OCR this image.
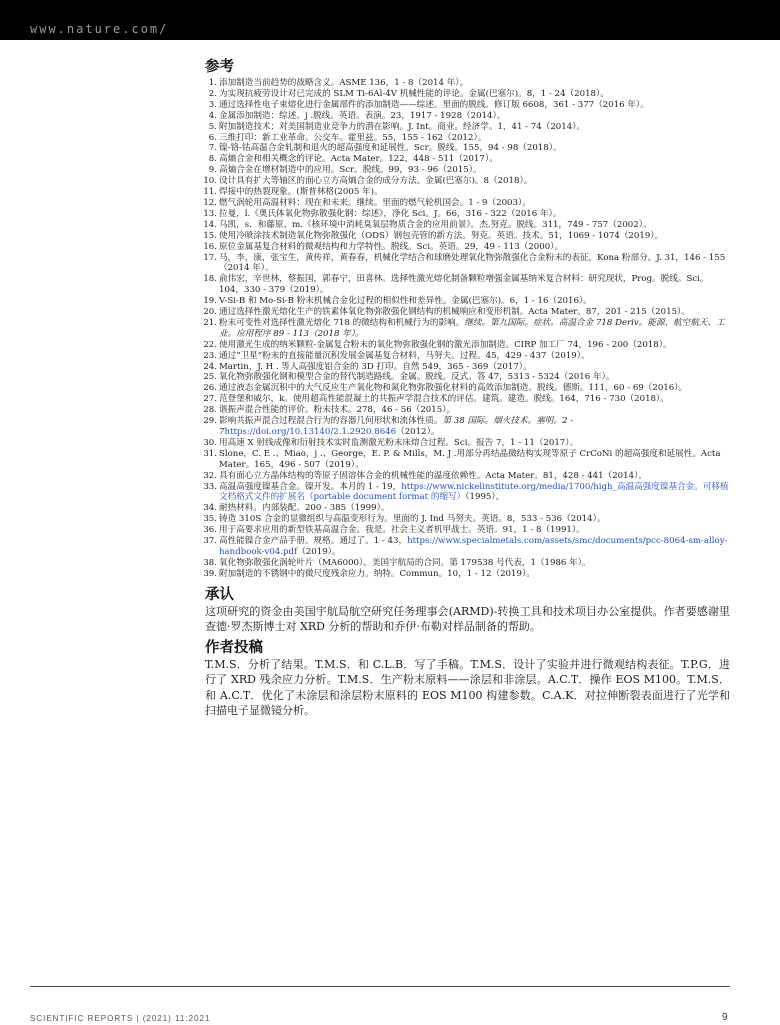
www.nature.com/
参考
1. 添加制造当前趋势的战略含义。ASME 136，1 - 8（2014 年）。
2. 为实现抗疲劳设计对已完成的 SLM Ti-6Al-4V 机械性能的评论。金属(巴塞尔)。8，1 - 24（2018）。
3. 通过选择性电子束熔化进行金属部件的添加制造——综述。里面的脱线。修订版 6608，361 - 377（2016 年）。
4. 金属添加制造：综述。j .脱线。英语。表演。23，1917 - 1928（2014）。
5. 附加制造技术：对美国制造业竞争力的潜在影响。J. Int。商业。经济学。1，41 - 74（2014）。
6. 三维打印：新工业革命。公交车。霍里兹。55，155 - 162（2012）。
7. 镍-铬-钴高温合金轧制和退火的超高强度和延展性。Scr。脱线。155，94 - 98（2018）。
8. 高熵合金和相关概念的评论。Acta Mater。122，448 - 511（2017）。
9. 高熵合金在增材制造中的应用。Scr。脱线。99，93 - 96（2015）。
10. 设计具有扩大等轴区的面心立方高熵合金的成分方法。金属(巴塞尔)。8（2018）。
11. 焊接中的热裂现象。(斯普林格(2005 年)。
12. 燃气涡轮用高温材料：现在和未来。继续。里面的燃气轮机国会。1 - 9（2003）。
13. 拉曼，l.《奥氏体氧化物弥散强化钢：综述》，净化 Sci。J。66，316 - 322（2016 年）。
14. 乌凯，s．和藤原，m.《核环境中消耗臭氧层物质合金的应用前景》。杰.努克。脱线。311，749 - 757（2002）。
15. 使用冷喷涂技术制造氧化物弥散强化（ODS）钢包壳管的新方法。努克。英语。技术。51，1069 - 1074（2019）。
16. 原位金属基复合材料的微观结构和力学特性。脱线。Sci。英语。29，49 - 113（2000）。
17. 马，李，康，张宝生，黄传祥，黄春春，机械化学结合和球磨处理氧化物弥散强化合金粉末的表征，Kona 粉部分。J. 31，146 - 155（2014 年）。
18. 俞伟宏，辛世林，蔡振国，郭春宁，田喜林。选择性激光熔化制备颗粒增强金属基纳米复合材料：研究现状，Prog。脱线。Sci。104，330 - 379（2019）。
19. V-Si-B 和 Mo-Si-B 粉末机械合金化过程的相似性和差异性。金属(巴塞尔)。6，1 - 16（2016）。
20. 通过选择性激光熔化生产的铁素体氧化物弥散强化钢结构的机械响应和变形机制。Acta Mater。87，201 - 215（2015）。
21. 粉末可变性对选择性激光熔化 718 的微结构和机械行为的影响。继续。第九国际。症状。高温合金 718 Deriv。能源、航空航天、工业。应用程序 89 - 113（2018 年）。
22. 使用激光生成的纳米颗粒-金属复合粉末的氧化物弥散强化钢的激光添加制造。CIRP 加工厂 74，196 - 200（2018）。
23. 通过“卫星”粉末的直接能量沉积发展金属基复合材料，马努夫。过程。45，429 - 437（2019）。
24. Martin，J. H . 等人高强度铝合金的 3D 打印。自然 549，365 - 369（2017）。
25. 氧化物弥散强化钢和模型合金的替代制造路线。金属。脱线。反式。答 47，5313 - 5324（2016 年）。
26. 通过液态金属沉积中的大气反应生产氧化物和氮化物弥散强化材料的高效添加制造。脱线。德斯。111，60 - 69（2016）。
27. 范登堡和威尔，k。使用超高性能混凝土的共振声学混合技术的评估。建筑。建造。脱线。164，716 - 730（2018）。
28. 谐振声混合性能的评价。粉末技术。278，46 - 56（2015）。
29. 影响共振声混合过程混合行为的容器几何形状和流体性质。第 38 国际。烟火技术。塞明。2 - 7https://doi.org/10.13140/2.1.2920.8646（2012）。
30. 用高速 X 射线成像和衍射技术实时监测激光粉末床熔合过程。Sci。报告 7，1 - 11（2017）。
31. Slone，C. E .、Miao，j .、George，E. P. & Mills，M. J .用部分再结晶微结构实现等原子 CrCoNi 的超高强度和延展性。Acta Mater。165，496 - 507（2019）。
32. 具有面心立方晶体结构的等原子固溶体合金的机械性能的温度依赖性。Acta Mater。81，428 - 441（2014）。
33. 高温高强度镍基合金。镍开发。本月的 1 - 19，https://www.nickelinstitute.org/media/1700/high_高温高强度镍基合金。可移植文档格式文件的扩展名（portable document format 的缩写）（1995）。
34. 耐热材料。内部装配。200 - 385（1999）。
35. 铸造 310S 合金的显微组织与高温变形行为。里面的 J. Ind 马努夫。英语。8，533 - 536（2014）。
36. 用于高要求应用的新型铁基高温合金。我是。社会主义者机甲战士。英语。91，1 - 8（1991）。
37. 高性能镍合金产品手册。规格。通过了。1 - 43，https://www.specialmetals.com/assets/smc/documents/pcc-8064-sm-alloy-handbook-v04.pdf（2019）。
38. 氧化物弥散强化涡轮叶片（MA6000）。美国宇航局的合同。第 179538 号代表，1（1986 年）。
39. 附加制造的不锈钢中的微尺度残余应力。纳特。Commun。10，1 - 12（2019）。
承认

这项研究的资金由美国宇航局航空研究任务理事会(ARMD)-转换工具和技术项目办公室提供。作者要感谢里查德·罗杰斯博士对 XRD 分析的帮助和乔伊·布勒对样品制备的帮助。

作者投稿

T.M.S．分析了结果。T.M.S．和 C.L.B．写了手稿。T.M.S．设计了实验并进行微观结构表征。T.P.G．进行了 XRD 残余应力分析。T.M.S．生产粉末原料——涂层和非涂层。A.C.T．操作 EOS M100。T.M.S．和 A.C.T．优化了未涂层和涂层粉末原料的 EOS M100 构建参数。C.A.K．对拉伸断裂表面进行了光学和扫描电子显微镜分析。

SCIENTIFIC REPORTS | (2021) 11:2021	9
